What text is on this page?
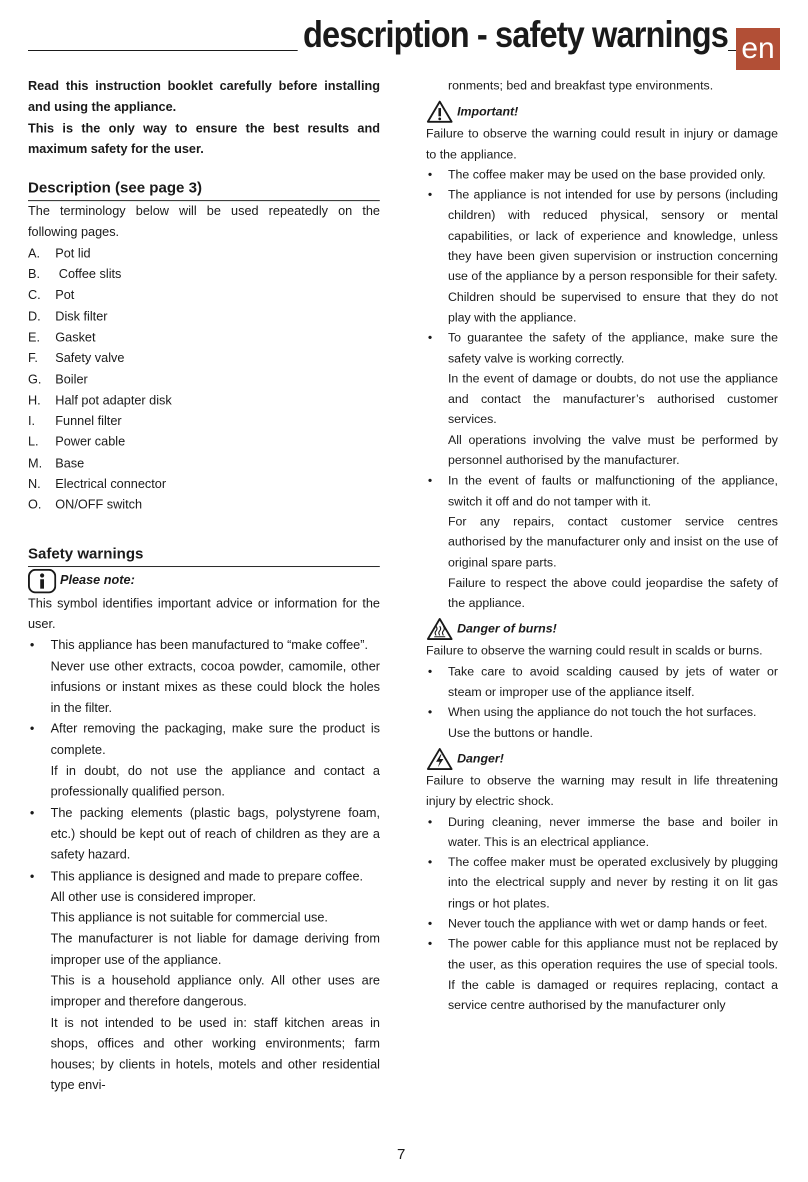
description - safety warnings en

Read this instruction booklet carefully before installing and using the appliance.

This is the only way to ensure the best results and maximum safety for the user.

Description (see page 3)

The terminology below will be used repeatedly on the following pages.

A.	Pot lid
B.	Coffee slits
C.	Pot
D.	Disk filter
E.	Gasket
F.	Safety valve
G.	Boiler
H.	Half pot adapter disk
I.	Funnel filter
L.	Power cable
M. Base
N.	Electrical connector
O.	ON/OFF switch
Safety warnings
Please note:

This symbol identifies important advice or information for the user.

• This appliance has been manufactured to “make coffee”.

Never use other extracts, cocoa powder, camomile, other infusions or instant mixes as these could block the holes in the filter.

• After removing the packaging, make sure the product is complete.

If in doubt, do not use the appliance and contact a professionally qualified person.

• The packing elements (plastic bags, polystyrene foam, etc.) should be kept out of reach of children as they are a safety hazard.

• This appliance is designed and made to prepare coffee.

All other use is considered improper.

This appliance is not suitable for commercial use.

The manufacturer is not liable for damage deriving from improper use of the appliance.

This is a household appliance only. All other uses are improper and therefore dangerous.

It is not intended to be used in: staff kitchen areas in shops, offices and other working environments; farm houses; by clients in hotels, motels and other residential type envi-

ronments; bed and breakfast type environments.

Important!

Failure to observe the warning could result in injury or damage to the appliance.

• The coffee maker may be used on the base provided only.

• The appliance is not intended for use by persons (including children) with reduced physical, sensory or mental capabilities, or lack of experience and knowledge, unless they have been given supervision or instruction concerning use of the appliance by a person responsible for their safety.

Children should be supervised to ensure that they do not play with the appliance.

• To guarantee the safety of the appliance, make sure the safety valve is working correctly.

In the event of damage or doubts, do not use the appliance and contact the manufacturer’s authorised customer services.

All operations involving the valve must be performed by personnel authorised by the manufacturer.

• In the event of faults or malfunctioning of the appliance, switch it off and do not tamper with it.

For any repairs, contact customer service centres authorised by the manufacturer only and insist on the use of original spare parts.

Failure to respect the above could jeopardise the safety of the appliance.

Danger of burns!

Failure to observe the warning could result in scalds or burns.

• Take care to avoid scalding caused by jets of water or steam or improper use of the appliance itself.

• When using the appliance do not touch the hot surfaces.

Use the buttons or handle.

Danger!

Failure to observe the warning may result in life threatening injury by electric shock.

• During cleaning, never immerse the base and boiler in water. This is an electrical appliance.

• The coffee maker must be operated exclusively by plugging into the electrical supply and never by resting it on lit gas rings or hot plates.

• Never touch the appliance with wet or damp hands or feet.

• The power cable for this appliance must not be replaced by the user, as this operation requires the use of special tools. If the cable is damaged or requires replacing, contact a service centre authorised by the manufacturer only

7
